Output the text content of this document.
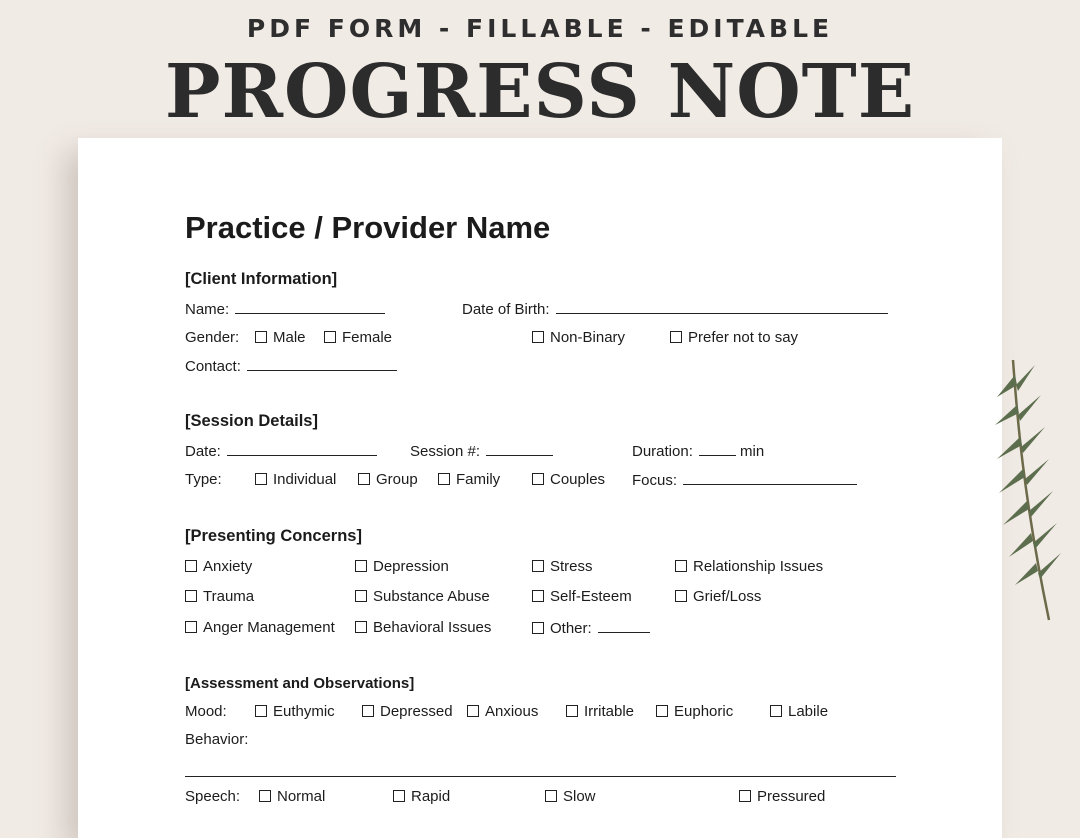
PDF FORM - FILLABLE - EDITABLE
PROGRESS NOTE
Practice / Provider Name
[Client Information]
Name:	Date of Birth:
Gender:	Male	Female	Non-Binary	Prefer not to say
Contact:
[Session Details]
Date:	Session #:	Duration:	min
Type:	Individual	Group	Family	Couples Focus:
[Presenting Concerns]
Anxiety	Depression	Stress	Relationship Issues
Trauma	Substance Abuse	Self-Esteem	Grief/Loss
Anger Management	Behavioral Issues	Other:
[Assessment and Observations]
Mood:	Euthymic	Depressed	Anxious	Irritable	Euphoric	Labile
Behavior:
Speech:	Normal	Rapid	Slow	Pressured
